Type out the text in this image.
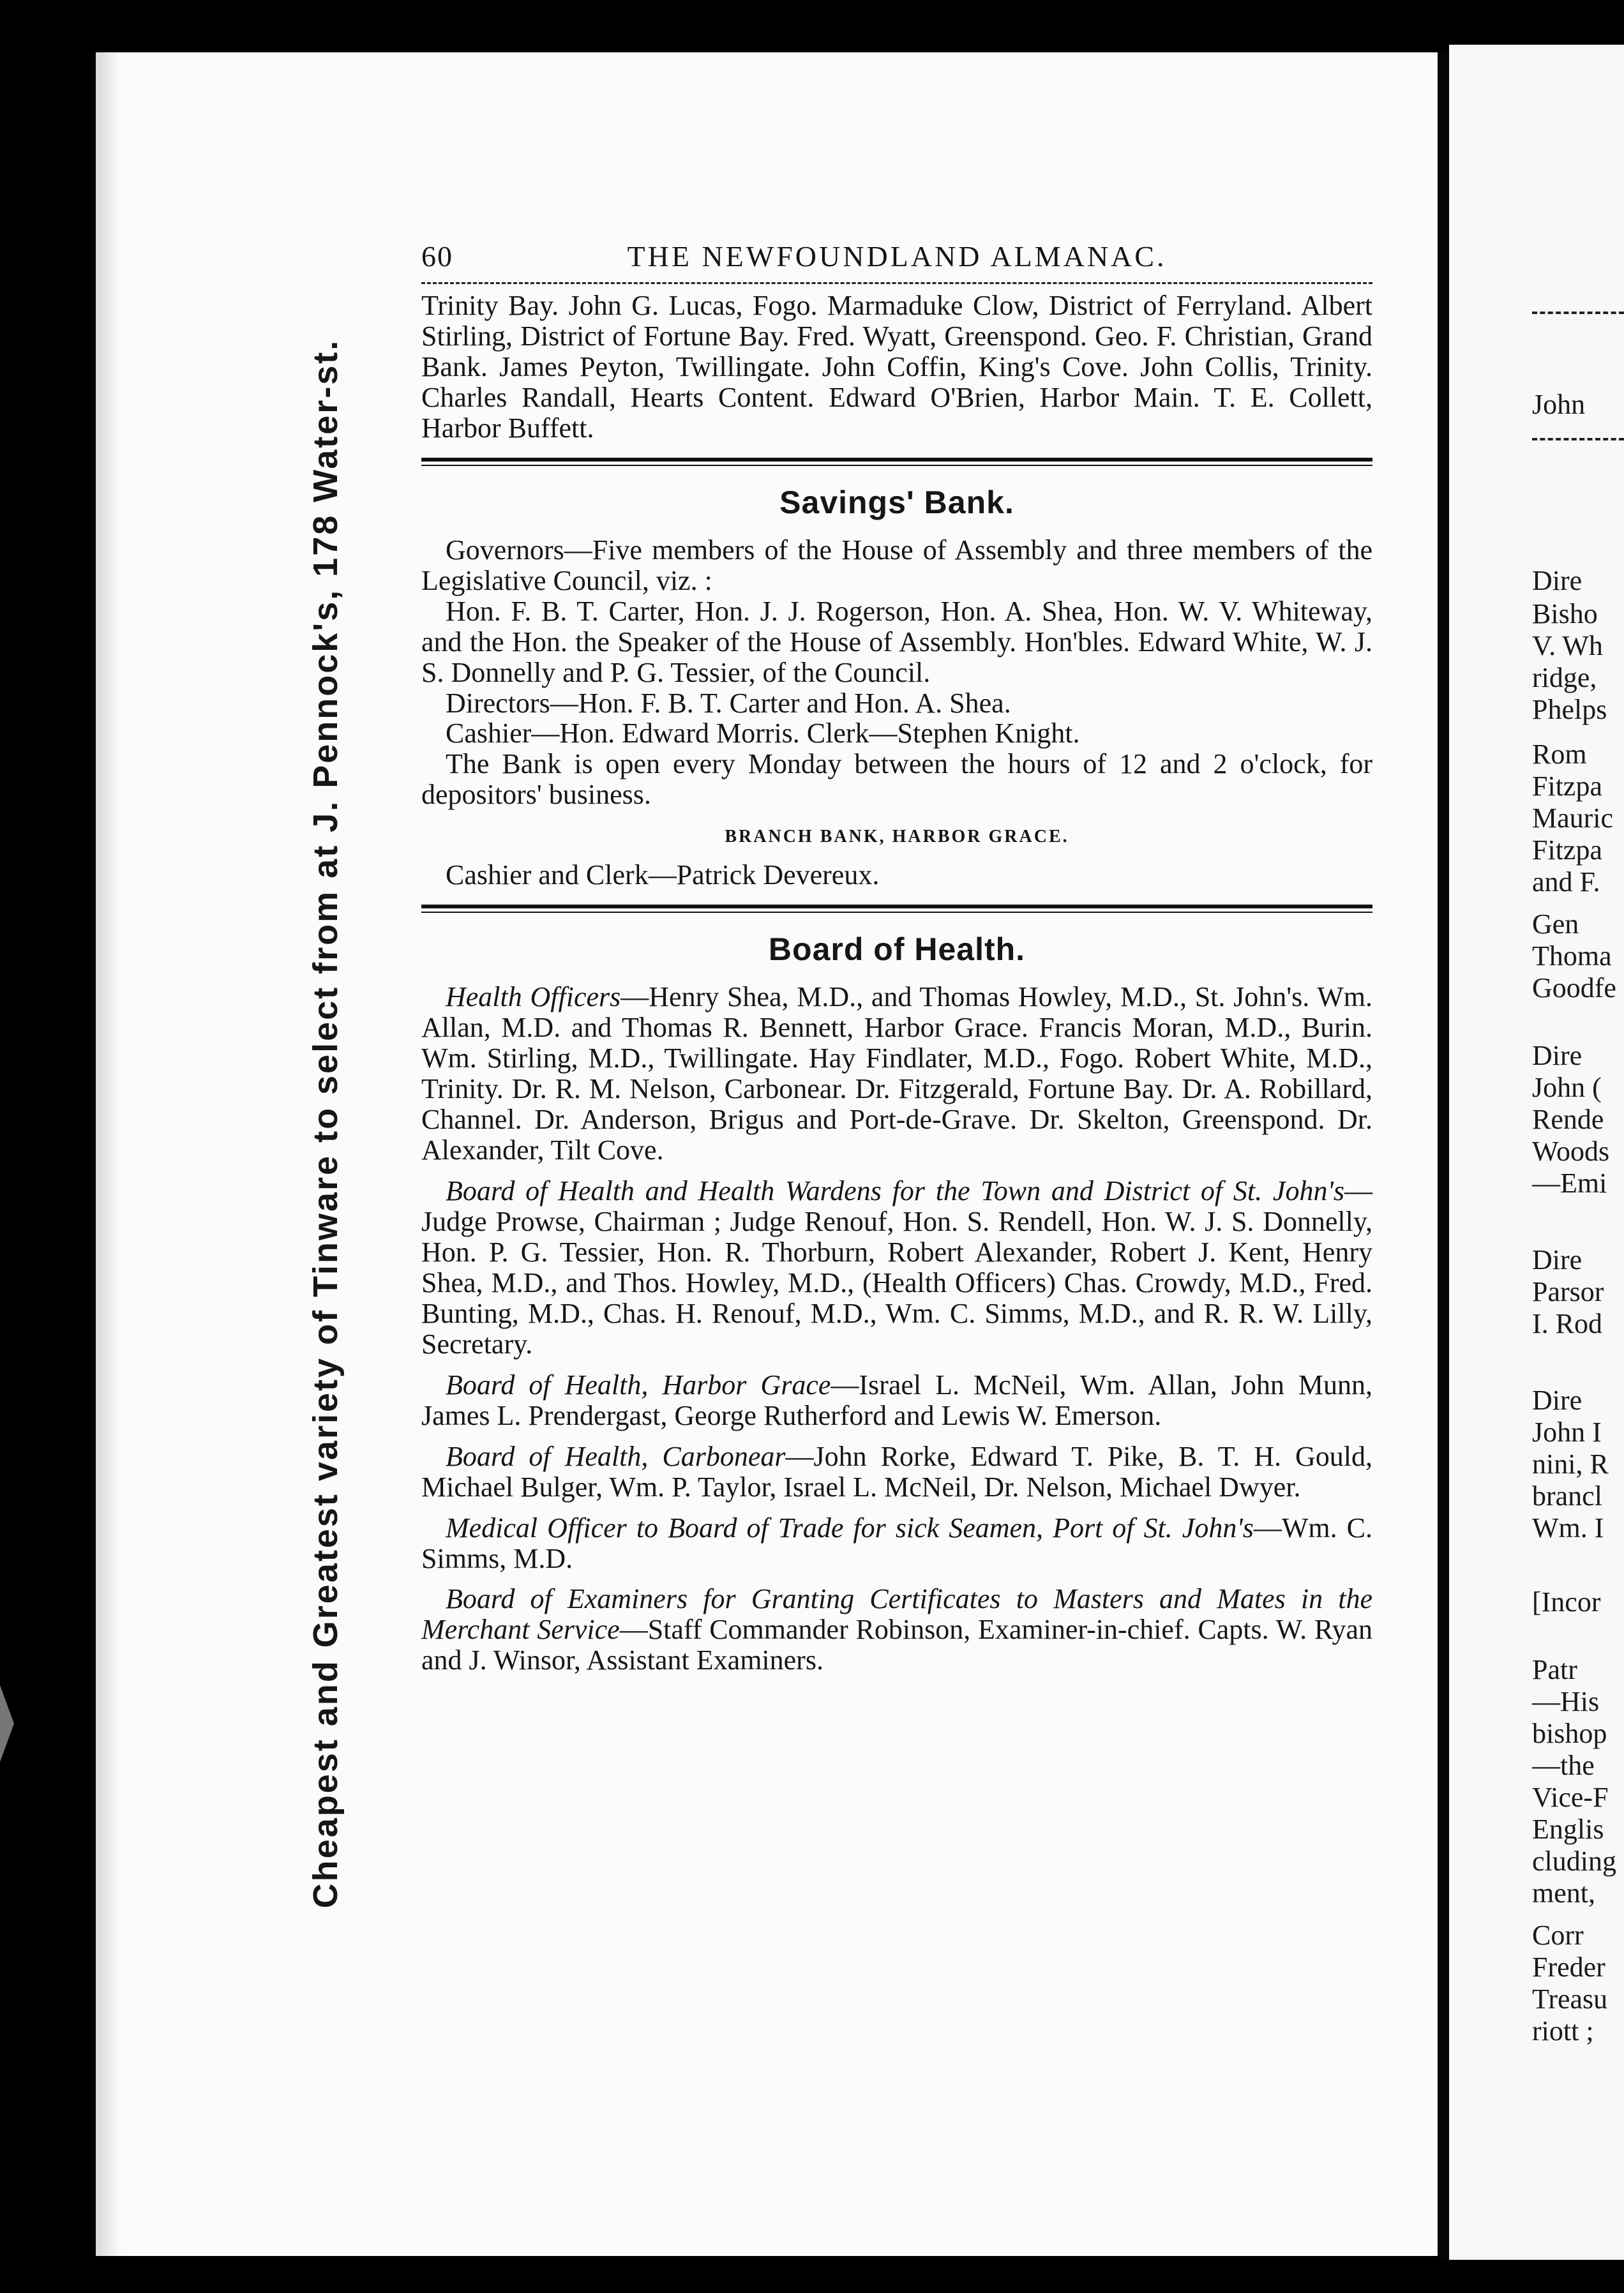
Cheapest and Greatest variety of Tinware to select from at J. Pennock's, 178 Water-st.
60	THE NEWFOUNDLAND ALMANAC.

Trinity Bay. John G. Lucas, Fogo. Marmaduke Clow, District of Ferryland. Albert Stirling, District of Fortune Bay. Fred. Wyatt, Greenspond. Geo. F. Christian, Grand Bank. James Peyton, Twillingate. John Coffin, King's Cove. John Collis, Trinity. Charles Randall, Hearts Content. Edward O'Brien, Harbor Main. T. E. Collett, Harbor Buffett.

Savings' Bank.

Governors—Five members of the House of Assembly and three members of the Legislative Council, viz. :

Hon. F. B. T. Carter, Hon. J. J. Rogerson, Hon. A. Shea, Hon. W. V. Whiteway, and the Hon. the Speaker of the House of Assembly. Hon'bles. Edward White, W. J. S. Donnelly and P. G. Tessier, of the Council.

Directors—Hon. F. B. T. Carter and Hon. A. Shea.

Cashier—Hon. Edward Morris. Clerk—Stephen Knight.

The Bank is open every Monday between the hours of 12 and 2 o'clock, for depositors' business.

BRANCH BANK, HARBOR GRACE.

Cashier and Clerk—Patrick Devereux.

Board of Health.

Health Officers—Henry Shea, M.D., and Thomas Howley, M.D., St. John's. Wm. Allan, M.D. and Thomas R. Bennett, Harbor Grace. Francis Moran, M.D., Burin. Wm. Stirling, M.D., Twillingate. Hay Findlater, M.D., Fogo. Robert White, M.D., Trinity. Dr. R. M. Nelson, Carbonear. Dr. Fitzgerald, Fortune Bay. Dr. A. Robillard, Channel. Dr. Anderson, Brigus and Port-de-Grave. Dr. Skelton, Greenspond. Dr. Alexander, Tilt Cove.

Board of Health and Health Wardens for the Town and District of St. John's—Judge Prowse, Chairman ; Judge Renouf, Hon. S. Rendell, Hon. W. J. S. Donnelly, Hon. P. G. Tessier, Hon. R. Thorburn, Robert Alexander, Robert J. Kent, Henry Shea, M.D., and Thos. Howley, M.D., (Health Officers) Chas. Crowdy, M.D., Fred. Bunting, M.D., Chas. H. Renouf, M.D., Wm. C. Simms, M.D., and R. R. W. Lilly, Secretary.

Board of Health, Harbor Grace—Israel L. McNeil, Wm. Allan, John Munn, James L. Prendergast, George Rutherford and Lewis W. Emerson.

Board of Health, Carbonear—John Rorke, Edward T. Pike, B. T. H. Gould, Michael Bulger, Wm. P. Taylor, Israel L. McNeil, Dr. Nelson, Michael Dwyer.

Medical Officer to Board of Trade for sick Seamen, Port of St. John's—Wm. C. Simms, M.D.

Board of Examiners for Granting Certificates to Masters and Mates in the Merchant Service—Staff Commander Robinson, Examiner-in-chief. Capts. W. Ryan and J. Winsor, Assistant Examiners.

John
Dire
Bisho
V. Wh
ridge,
Phelps
Rom
Fitzpa
Mauric
Fitzpa
and F.
Gen
Thoma
Goodfe
Dire
John (
Rende
Woods
—Emi
Dire
Parsor
I. Rod
Dire
John I
nini, R
brancl
Wm. I
[Incor
Patr
—His
bishop
—the
Vice-F
Englis
cluding
ment,
Corr
Freder
Treasu
riott ;
